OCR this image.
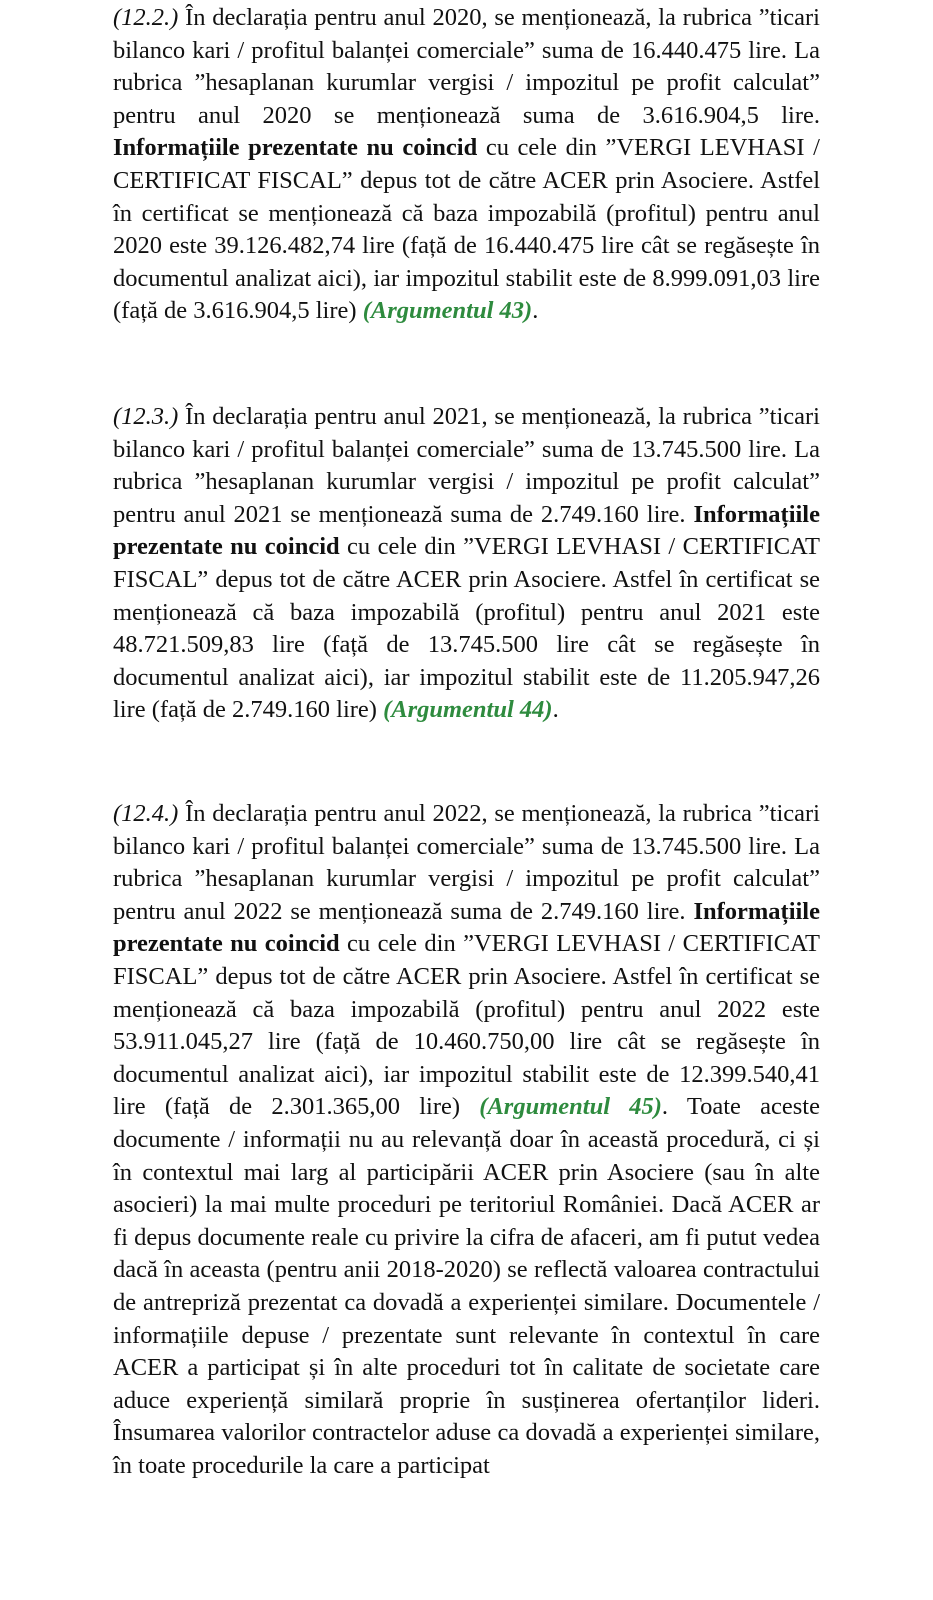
(12.2.) În declarația pentru anul 2020, se menționează, la rubrica ”ticari bilanco kari / profitul balanței comerciale” suma de 16.440.475 lire. La rubrica ”hesaplanan kurumlar vergisi / impozitul pe profit calculat” pentru anul 2020 se menționează suma de 3.616.904,5 lire. Informațiile prezentate nu coincid cu cele din ”VERGI LEVHASI / CERTIFICAT FISCAL” depus tot de către ACER prin Asociere. Astfel în certificat se menționează că baza impozabilă (profitul) pentru anul 2020 este 39.126.482,74 lire (față de 16.440.475 lire cât se regăsește în documentul analizat aici), iar impozitul stabilit este de 8.999.091,03 lire (față de 3.616.904,5 lire) (Argumentul 43).

(12.3.) În declarația pentru anul 2021, se menționează, la rubrica ”ticari bilanco kari / profitul balanței comerciale” suma de 13.745.500 lire. La rubrica ”hesaplanan kurumlar vergisi / impozitul pe profit calculat” pentru anul 2021 se menționează suma de 2.749.160 lire. Informațiile prezentate nu coincid cu cele din ”VERGI LEVHASI / CERTIFICAT FISCAL” depus tot de către ACER prin Asociere. Astfel în certificat se menționează că baza impozabilă (profitul) pentru anul 2021 este 48.721.509,83 lire (față de 13.745.500 lire cât se regăsește în documentul analizat aici), iar impozitul stabilit este de 11.205.947,26 lire (față de 2.749.160 lire) (Argumentul 44).

(12.4.) În declarația pentru anul 2022, se menționează, la rubrica ”ticari bilanco kari / profitul balanței comerciale” suma de 13.745.500 lire. La rubrica ”hesaplanan kurumlar vergisi / impozitul pe profit calculat” pentru anul 2022 se menționează suma de 2.749.160 lire. Informațiile prezentate nu coincid cu cele din ”VERGI LEVHASI / CERTIFICAT FISCAL” depus tot de către ACER prin Asociere. Astfel în certificat se menționează că baza impozabilă (profitul) pentru anul 2022 este 53.911.045,27 lire (față de 10.460.750,00 lire cât se regăsește în documentul analizat aici), iar impozitul stabilit este de 12.399.540,41 lire (față de 2.301.365,00 lire) (Argumentul 45). Toate aceste documente / informații nu au relevanță doar în această procedură, ci și în contextul mai larg al participării ACER prin Asociere (sau în alte asocieri) la mai multe proceduri pe teritoriul României. Dacă ACER ar fi depus documente reale cu privire la cifra de afaceri, am fi putut vedea dacă în aceasta (pentru anii 2018-2020) se reflectă valoarea contractului de antrepriză prezentat ca dovadă a experienței similare. Documentele / informațiile depuse / prezentate sunt relevante în contextul în care ACER a participat și în alte proceduri tot în calitate de societate care aduce experiență similară proprie în susținerea ofertanților lideri. Însumarea valorilor contractelor aduse ca dovadă a experienței similare, în toate procedurile la care a participat
